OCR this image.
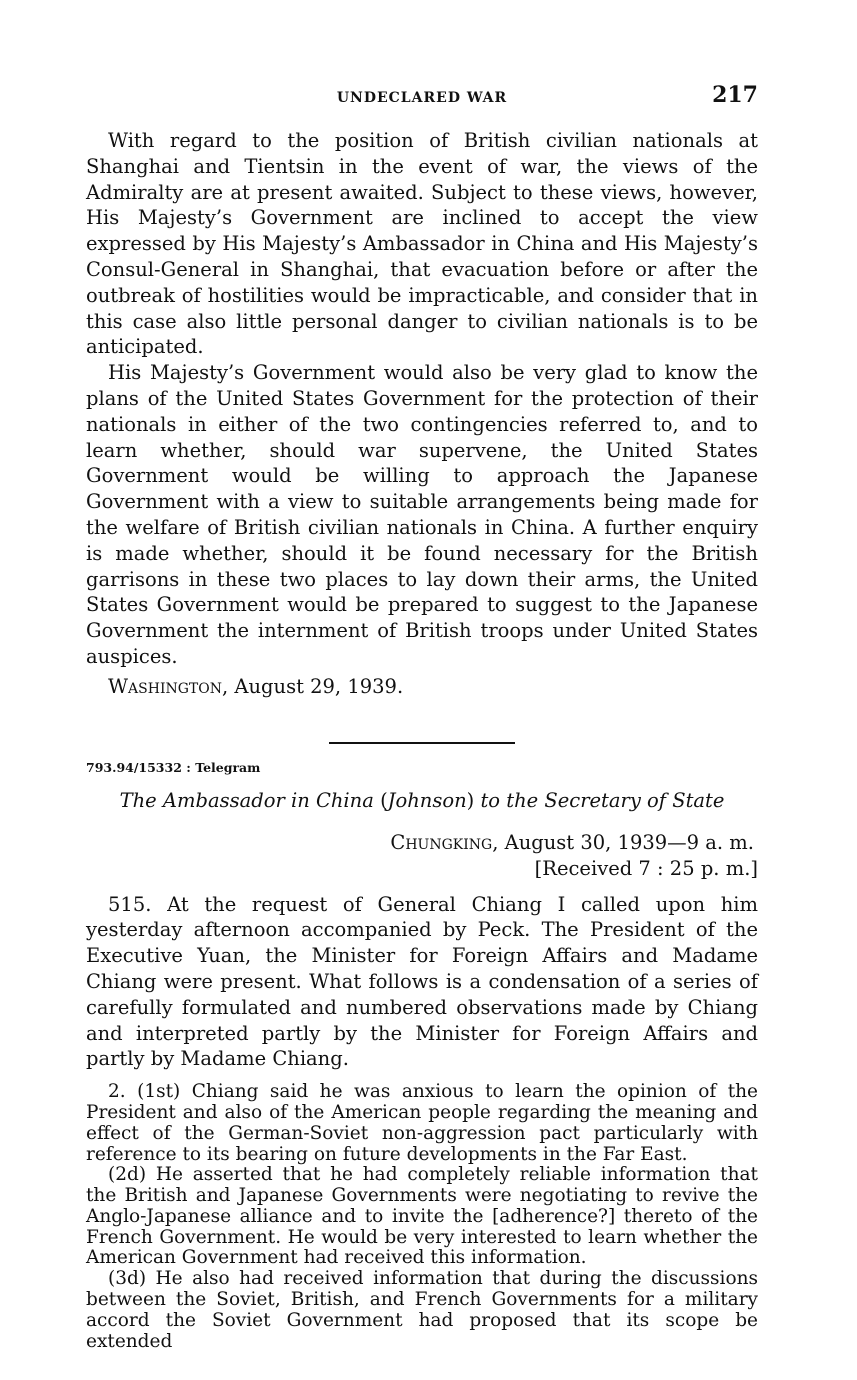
UNDECLARED WAR	217

With regard to the position of British civilian nationals at Shanghai and Tientsin in the event of war, the views of the Admiralty are at present awaited. Subject to these views, however, His Majesty’s Government are inclined to accept the view expressed by His Majesty’s Ambassador in China and His Majesty’s Consul-General in Shanghai, that evacuation before or after the outbreak of hostilities would be impracticable, and consider that in this case also little personal danger to civilian nationals is to be anticipated.

His Majesty’s Government would also be very glad to know the plans of the United States Government for the protection of their nationals in either of the two contingencies referred to, and to learn whether, should war supervene, the United States Government would be willing to approach the Japanese Government with a view to suitable arrangements being made for the welfare of British civilian nationals in China. A further enquiry is made whether, should it be found necessary for the British garrisons in these two places to lay down their arms, the United States Government would be prepared to suggest to the Japanese Government the internment of British troops under United States auspices.

Washington, August 29, 1939.

793.94/15332 : Telegram
The Ambassador in China (Johnson) to the Secretary of State
Chungking, August 30, 1939—9 a. m.
[Received 7 : 25 p. m.]

515. At the request of General Chiang I called upon him yesterday afternoon accompanied by Peck. The President of the Executive Yuan, the Minister for Foreign Affairs and Madame Chiang were present. What follows is a condensation of a series of carefully formulated and numbered observations made by Chiang and interpreted partly by the Minister for Foreign Affairs and partly by Madame Chiang.

2. (1st) Chiang said he was anxious to learn the opinion of the President and also of the American people regarding the meaning and effect of the German-Soviet non-aggression pact particularly with reference to its bearing on future developments in the Far East.

(2d) He asserted that he had completely reliable information that the British and Japanese Governments were negotiating to revive the Anglo-Japanese alliance and to invite the [adherence?] thereto of the French Government. He would be very interested to learn whether the American Government had received this information.

(3d) He also had received information that during the discussions between the Soviet, British, and French Governments for a military accord the Soviet Government had proposed that its scope be extended
